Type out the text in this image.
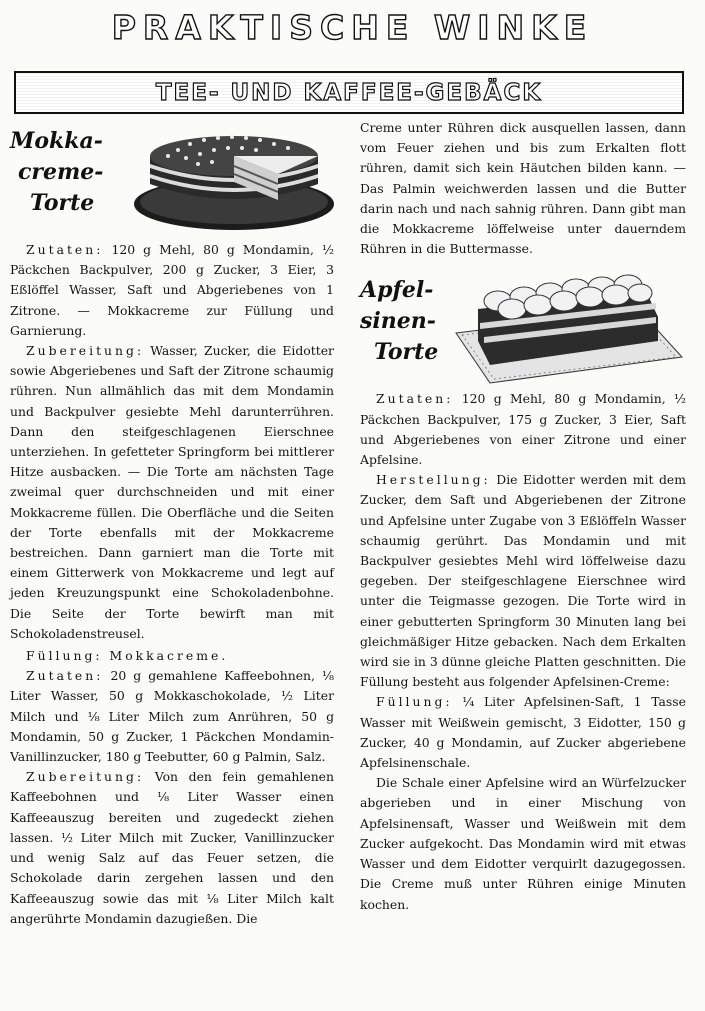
PRAKTISCHE WINKE
TEE- UND KAFFEE-GEBÄCK
Mokka-
creme-
Torte

Zutaten: 120 g Mehl, 80 g Mondamin, ½ Päckchen Backpulver, 200 g Zucker, 3 Eier, 3 Eßlöffel Wasser, Saft und Abgeriebenes von 1 Zitrone. — Mokkacreme zur Füllung und Garnierung.

Zubereitung: Wasser, Zucker, die Eidotter sowie Abgeriebenes und Saft der Zitrone schaumig rühren. Nun allmählich das mit dem Mondamin und Backpulver gesiebte Mehl darunterrühren. Dann den steifgeschlagenen Eierschnee unterziehen. In gefetteter Springform bei mittlerer Hitze ausbacken. — Die Torte am nächsten Tage zweimal quer durchschneiden und mit einer Mokkacreme füllen. Die Oberfläche und die Seiten der Torte ebenfalls mit der Mokkacreme bestreichen. Dann garniert man die Torte mit einem Gitterwerk von Mokkacreme und legt auf jeden Kreuzungspunkt eine Schokoladenbohne. Die Seite der Torte bewirft man mit Schokoladenstreusel.

Füllung: Mokkacreme.

Zutaten: 20 g gemahlene Kaffeebohnen, ⅛ Liter Wasser, 50 g Mokkaschokolade, ½ Liter Milch und ⅛ Liter Milch zum Anrühren, 50 g Mondamin, 50 g Zucker, 1 Päckchen Mondamin-Vanillinzucker, 180 g Teebutter, 60 g Palmin, Salz.

Zubereitung: Von den fein gemahlenen Kaffeebohnen und ⅛ Liter Wasser einen Kaffeeauszug bereiten und zugedeckt ziehen lassen. ½ Liter Milch mit Zucker, Vanillinzucker und wenig Salz auf das Feuer setzen, die Schokolade darin zergehen lassen und den Kaffeeauszug sowie das mit ⅛ Liter Milch kalt angerührte Mondamin dazugießen. Die

Creme unter Rühren dick ausquellen lassen, dann vom Feuer ziehen und bis zum Erkalten flott rühren, damit sich kein Häutchen bilden kann. — Das Palmin weichwerden lassen und die Butter darin nach und nach sahnig rühren. Dann gibt man die Mokkacreme löffelweise unter dauerndem Rühren in die Buttermasse.

Apfel-
sinen-
Torte

Zutaten: 120 g Mehl, 80 g Mondamin, ½ Päckchen Backpulver, 175 g Zucker, 3 Eier, Saft und Abgeriebenes von einer Zitrone und einer Apfelsine.

Herstellung: Die Eidotter werden mit dem Zucker, dem Saft und Abgeriebenen der Zitrone und Apfelsine unter Zugabe von 3 Eßlöffeln Wasser schaumig gerührt. Das Mondamin und mit Backpulver gesiebtes Mehl wird löffelweise dazu gegeben. Der steifgeschlagene Eierschnee wird unter die Teigmasse gezogen. Die Torte wird in einer gebutterten Springform 30 Minuten lang bei gleichmäßiger Hitze gebacken. Nach dem Erkalten wird sie in 3 dünne gleiche Platten geschnitten. Die Füllung besteht aus folgender Apfelsinen-Creme:

Füllung: ¼ Liter Apfelsinen-Saft, 1 Tasse Wasser mit Weißwein gemischt, 3 Eidotter, 150 g Zucker, 40 g Mondamin, auf Zucker abgeriebene Apfelsinenschale.

Die Schale einer Apfelsine wird an Würfelzucker abgerieben und in einer Mischung von Apfelsinensaft, Wasser und Weißwein mit dem Zucker aufgekocht. Das Mondamin wird mit etwas Wasser und dem Eidotter verquirlt dazugegossen. Die Creme muß unter Rühren einige Minuten kochen.
